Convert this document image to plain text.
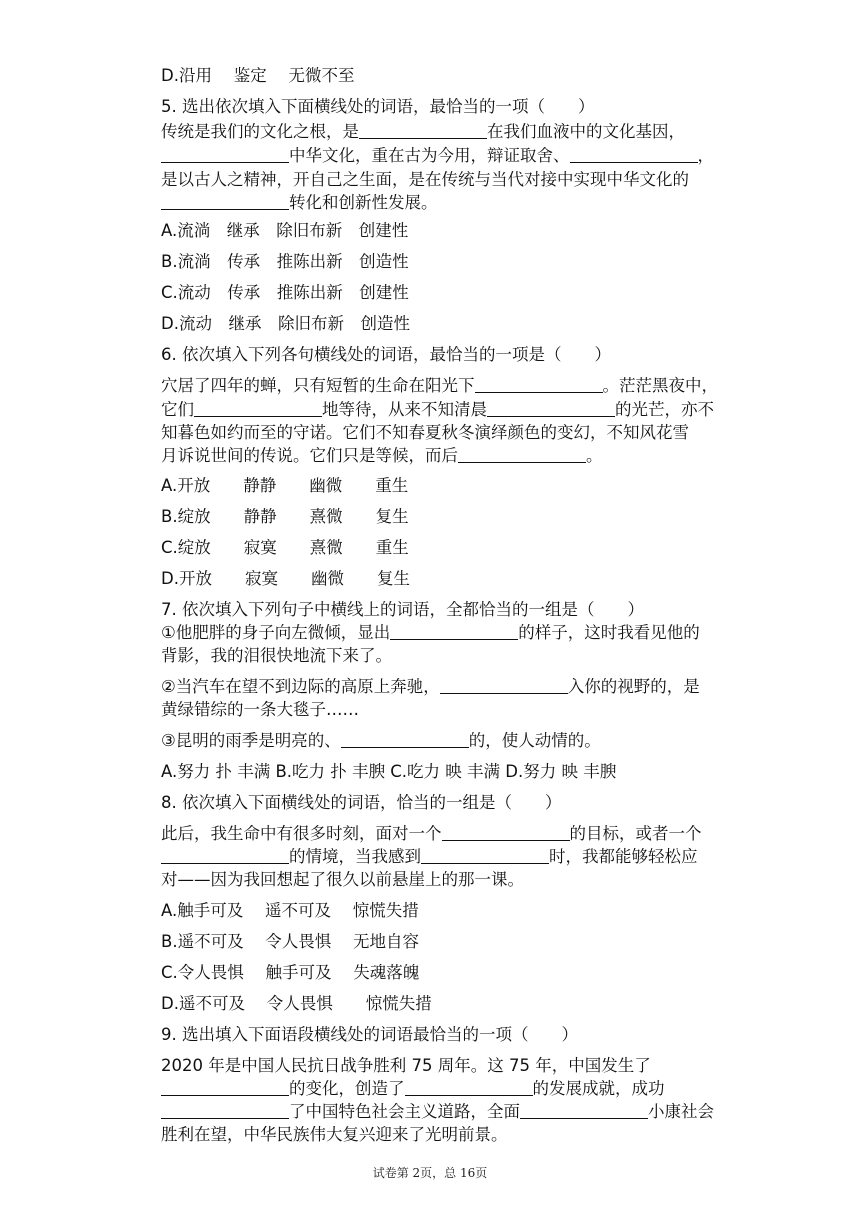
D.沿用　 鉴定　 无微不至
5. 选出依次填入下面横线处的词语，最恰当的一项（　　）
传统是我们的文化之根，是	在我们血液中的文化基因，
中华文化，重在古为今用，辩证取舍、	，
是以古人之精神，开自己之生面，是在传统与当代对接中实现中华文化的
转化和创新性发展。
A.流淌　继承　除旧布新　创建性
B.流淌　传承　推陈出新　创造性
C.流动　传承　推陈出新　创建性
D.流动　继承　除旧布新　创造性
6. 依次填入下列各句横线处的词语，最恰当的一项是（　　）
穴居了四年的蝉，只有短暂的生命在阳光下	。茫茫黑夜中，
它们	地等待，从来不知清晨	的光芒，亦不
知暮色如约而至的守诺。它们不知春夏秋冬演绎颜色的变幻，不知风花雪
月诉说世间的传说。它们只是等候，而后	。
A.开放　　静静　　幽微　　重生
B.绽放　　静静　　熹微　　复生
C.绽放　　寂寞　　熹微　　重生
D.开放　　寂寞　　幽微　　复生
7. 依次填入下列句子中横线上的词语，全都恰当的一组是（　　）
①他肥胖的身子向左微倾，显出	的样子，这时我看见他的
背影，我的泪很快地流下来了。
②当汽车在望不到边际的高原上奔驰，	入你的视野的，是
黄绿错综的一条大毯子……
③昆明的雨季是明亮的、	的，使人动情的。
A.努力 扑 丰满 B.吃力 扑 丰腴 C.吃力 映 丰满 D.努力 映 丰腴
8. 依次填入下面横线处的词语，恰当的一组是（　　）
此后，我生命中有很多时刻，面对一个	的目标，或者一个
的情境，当我感到	时，我都能够轻松应
对——因为我回想起了很久以前悬崖上的那一课。
A.触手可及　 遥不可及　 惊慌失措
B.遥不可及　 令人畏惧　 无地自容
C.令人畏惧　 触手可及　 失魂落魄
D.遥不可及　 令人畏惧　　惊慌失措
9. 选出填入下面语段横线处的词语最恰当的一项（　　）
2020 年是中国人民抗日战争胜利 75 周年。这 75 年，中国发生了
的变化，创造了	的发展成就，成功
了中国特色社会主义道路，全面	小康社会
胜利在望，中华民族伟大复兴迎来了光明前景。
试卷第 2页，总 16页
